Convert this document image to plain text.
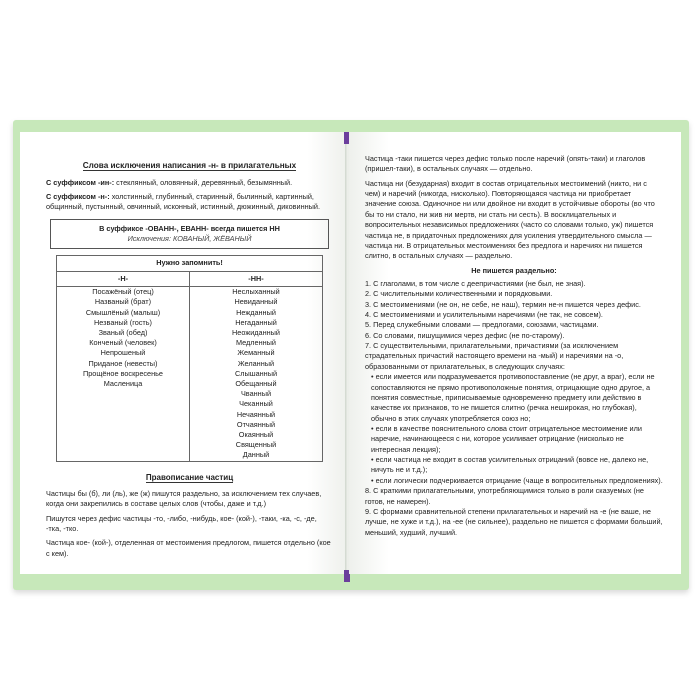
Слова исключения написания -н- в прилагательных

С суффиксом -ин-: стеклянный, оловянный, деревянный, безымянный.

С суффиксом -н-: холстинный, глубинный, старинный, былинный, картинный, общинный, пустынный, овчинный, исконный, истинный, дюжинный, диковинный.

В суффиксе -ОВАНН-, ЕВАНН- всегда пишется НН
Исключения: КОВАНЫЙ, ЖЁВАНЫЙ
Нужно запомнить!
-Н-
Посажёный (отец)
Названый (брат)
Смышлёный (малыш)
Незваный (гость)
Званый (обед)
Конченый (человек)
Непрошеный
Приданое (невесты)
Прощёное воскресенье
Масленица
-НН-
Неслыханный
Невиданный
Нежданный
Негаданный
Неожиданный
Медленный
Жеманный
Желанный
Слышанный
Обещанный
Чванный
Чеканный
Нечаянный
Отчаянный
Окаянный
Священный
Данный
Правописание частиц

Частицы бы (б), ли (ль), же (ж) пишутся раздельно, за исключением тех случаев, когда они закрепились в составе целых слов (чтобы, даже и т.д.)

Пишутся через дефис частицы -то, -либо, -нибудь, кое- (кой-), -таки, -ка, -с, -де, -тка, -тко.

Частица кое- (кой-), отделенная от местоимения предлогом, пишется отдельно (кое с кем).

Частица -таки пишется через дефис только после наречий (опять-таки) и глаголов (пришел-таки), в остальных случаях — отдельно.

Частица ни (безударная) входит в состав отрицательных местоимений (никто, ни с чем) и наречий (никогда, нисколько). Повторяющаяся частица ни приобретает значение союза. Одиночное ни или двойное ни входит в устойчивые обороты (во что бы то ни стало, ни жив ни мертв, ни стать ни сесть). В восклицательных и вопросительных независимых предложениях (часто со словами только, уж) пишется частица не, в придаточных предложениях для усиления утвердительного смысла — частица ни. В отрицательных местоимениях без предлога и наречиях ни пишется слитно, в остальных случаях — раздельно.

Не пишется раздельно:
1. С глаголами, в том числе с деепричастиями (не был, не зная).
2. С числительными количественными и порядковыми.
3. С местоимениями (не он, не себе, не наш), термин не-н пишется через дефис.
4. С местоимениями и усилительными наречиями (не так, не совсем).
5. Перед служебными словами — предлогами, союзами, частицами.
6. Со словами, пишущимися через дефис (не по-старому).
7. С существительными, прилагательными, причастиями (за исключением страдательных причастий настоящего времени на -мый) и наречиями на -о, образованными от прилагательных, в следующих случаях:
• если имеется или подразумевается противопоставление (не друг, а враг), если не сопоставляются не прямо противоположные понятия, отрицающие одно другое, а понятия совместные, приписываемые одновременно предмету или действию в качестве их признаков, то не пишется слитно (речка неширокая, но глубокая), обычно в этих случаях употребляется союз но;
• если в качестве пояснительного слова стоит отрицательное местоимение или наречие, начинающееся с ни, которое усиливает отрицание (нисколько не интересная лекция);
• если частица не входит в состав усилительных отрицаний (вовсе не, далеко не, ничуть не и т.д.);
• если логически подчеркивается отрицание (чаще в вопросительных предложениях).
8. С краткими прилагательными, употребляющимися только в роли сказуемых (не готов, не намерен).
9. С формами сравнительной степени прилагательных и наречий на -е (не ваше, не лучше, не хуже и т.д.), на -ее (не сильнее), раздельно не пишется с формами больший, меньший, худший, лучший.
